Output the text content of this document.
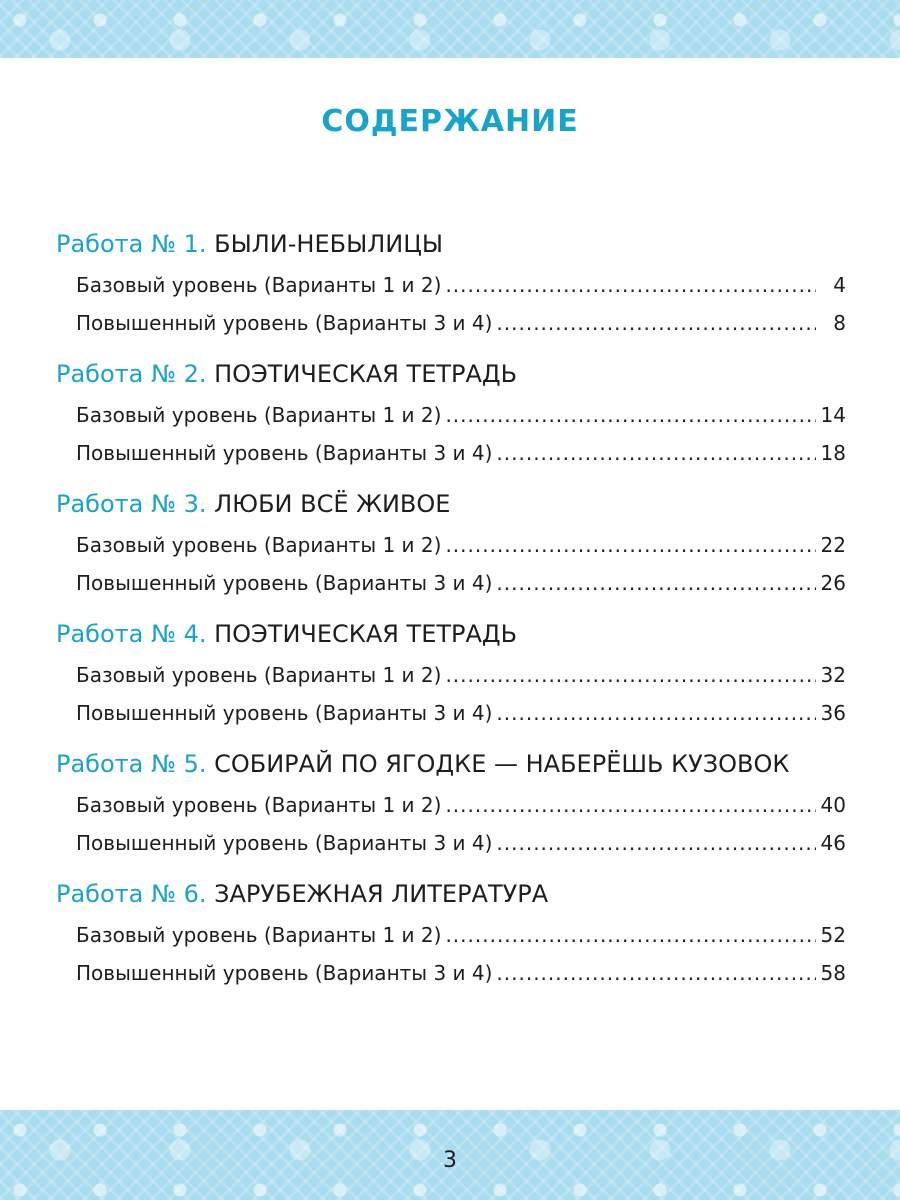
СОДЕРЖАНИЕ
Работа № 1. БЫЛИ-НЕБЫЛИЦЫ
Базовый уровень (Варианты 1 и 2) .....	4
Повышенный уровень (Варианты 3 и 4) .....	8
Работа № 2. ПОЭТИЧЕСКАЯ ТЕТРАДЬ
Базовый уровень (Варианты 1 и 2) .....	14
Повышенный уровень (Варианты 3 и 4) .....	18
Работа № 3. ЛЮБИ ВСЁ ЖИВОЕ
Базовый уровень (Варианты 1 и 2) .....	22
Повышенный уровень (Варианты 3 и 4) .....	26
Работа № 4. ПОЭТИЧЕСКАЯ ТЕТРАДЬ
Базовый уровень (Варианты 1 и 2) .....	32
Повышенный уровень (Варианты 3 и 4) .....	36
Работа № 5. СОБИРАЙ ПО ЯГОДКЕ — НАБЕРЁШЬ КУЗОВОК
Базовый уровень (Варианты 1 и 2) .....	40
Повышенный уровень (Варианты 3 и 4) .....	46
Работа № 6. ЗАРУБЕЖНАЯ ЛИТЕРАТУРА
Базовый уровень (Варианты 1 и 2) .....	52
Повышенный уровень (Варианты 3 и 4) .....	58
3
